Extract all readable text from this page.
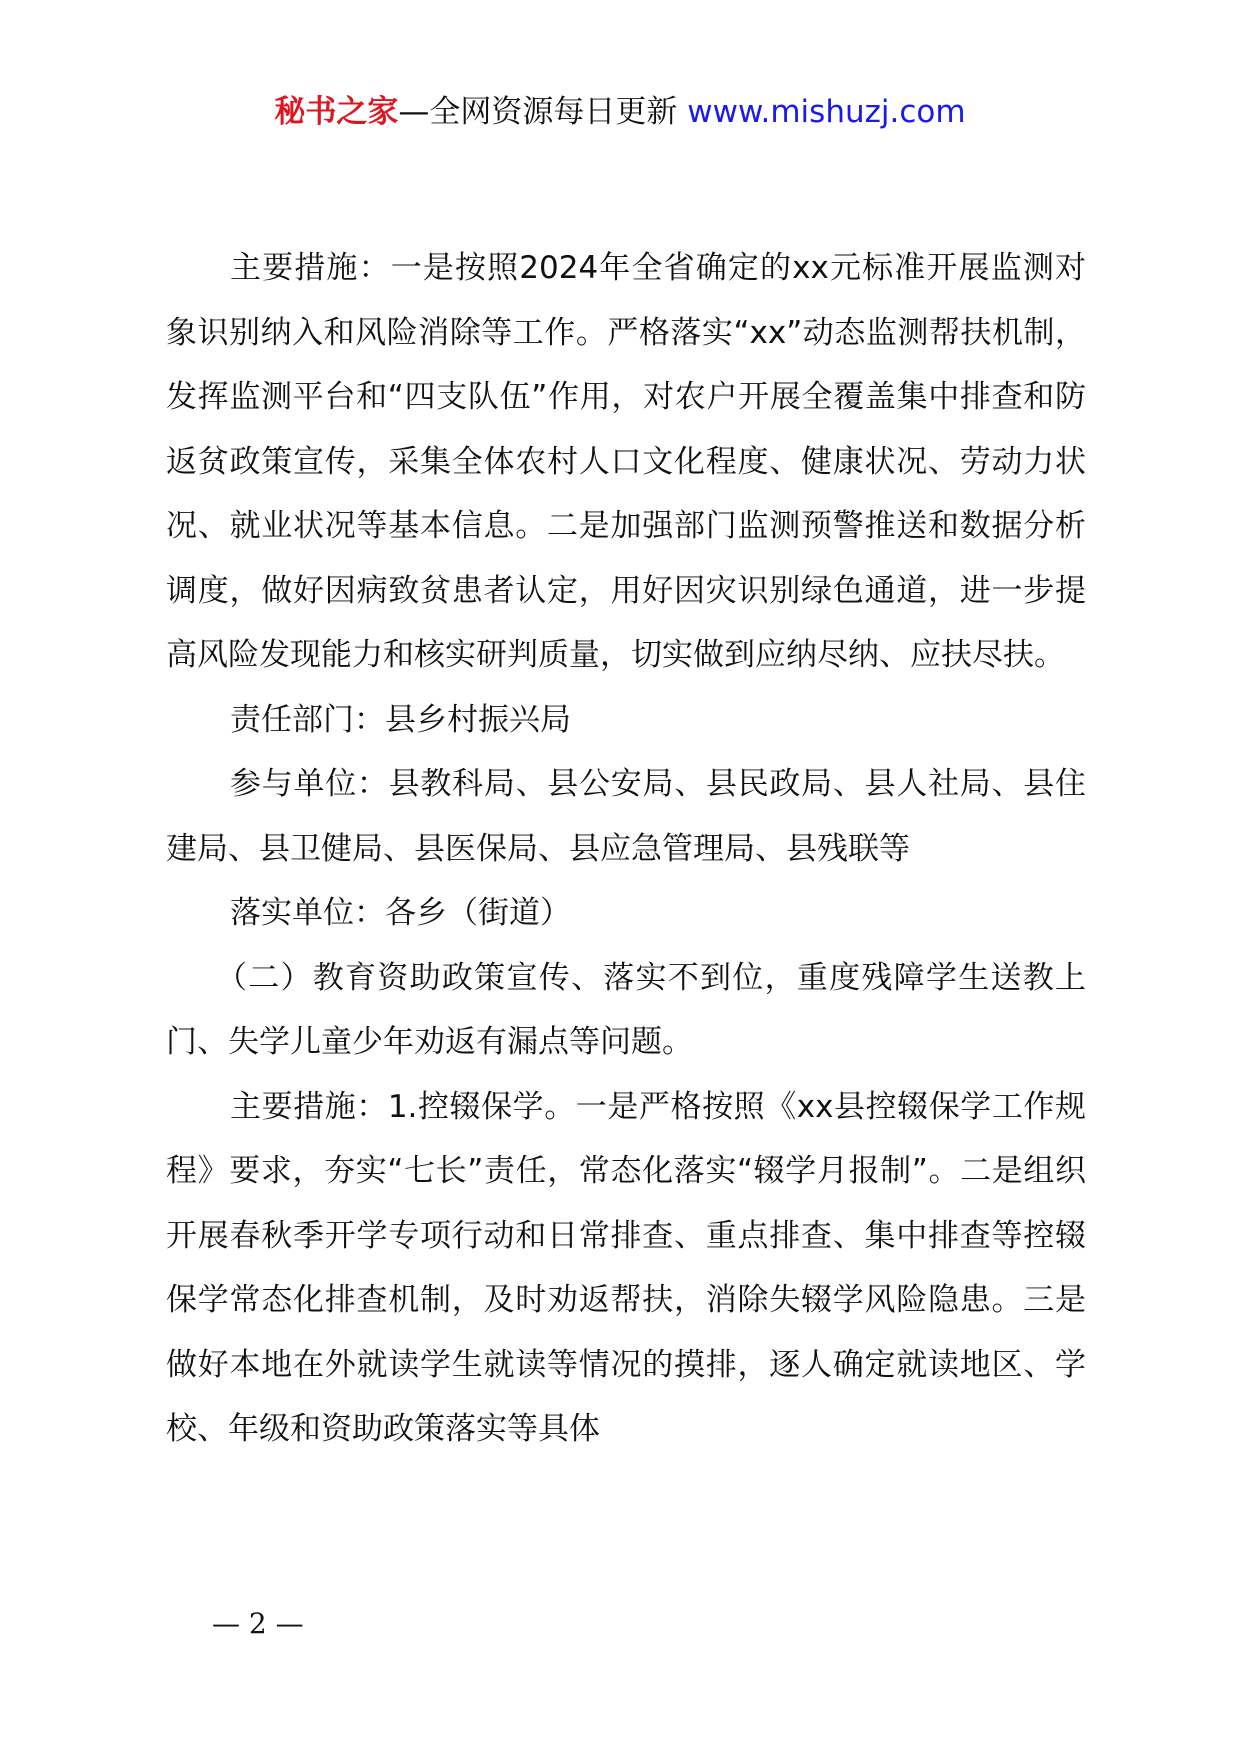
秘书之家—全网资源每日更新 www.mishuzj.com

主要措施：一是按照2024年全省确定的xx元标准开展监测对象识别纳入和风险消除等工作。严格落实“xx”动态监测帮扶机制，发挥监测平台和“四支队伍”作用，对农户开展全覆盖集中排查和防返贫政策宣传，采集全体农村人口文化程度、健康状况、劳动力状况、就业状况等基本信息。二是加强部门监测预警推送和数据分析调度，做好因病致贫患者认定，用好因灾识别绿色通道，进一步提高风险发现能力和核实研判质量，切实做到应纳尽纳、应扶尽扶。

责任部门：县乡村振兴局

参与单位：县教科局、县公安局、县民政局、县人社局、县住建局、县卫健局、县医保局、县应急管理局、县残联等

落实单位：各乡（街道）

（二）教育资助政策宣传、落实不到位，重度残障学生送教上门、失学儿童少年劝返有漏点等问题。

主要措施：1.控辍保学。一是严格按照《xx县控辍保学工作规程》要求，夯实“七长”责任，常态化落实“辍学月报制”。二是组织开展春秋季开学专项行动和日常排查、重点排查、集中排查等控辍保学常态化排查机制，及时劝返帮扶，消除失辍学风险隐患。三是做好本地在外就读学生就读等情况的摸排，逐人确定就读地区、学校、年级和资助政策落实等具体

— 2 —
